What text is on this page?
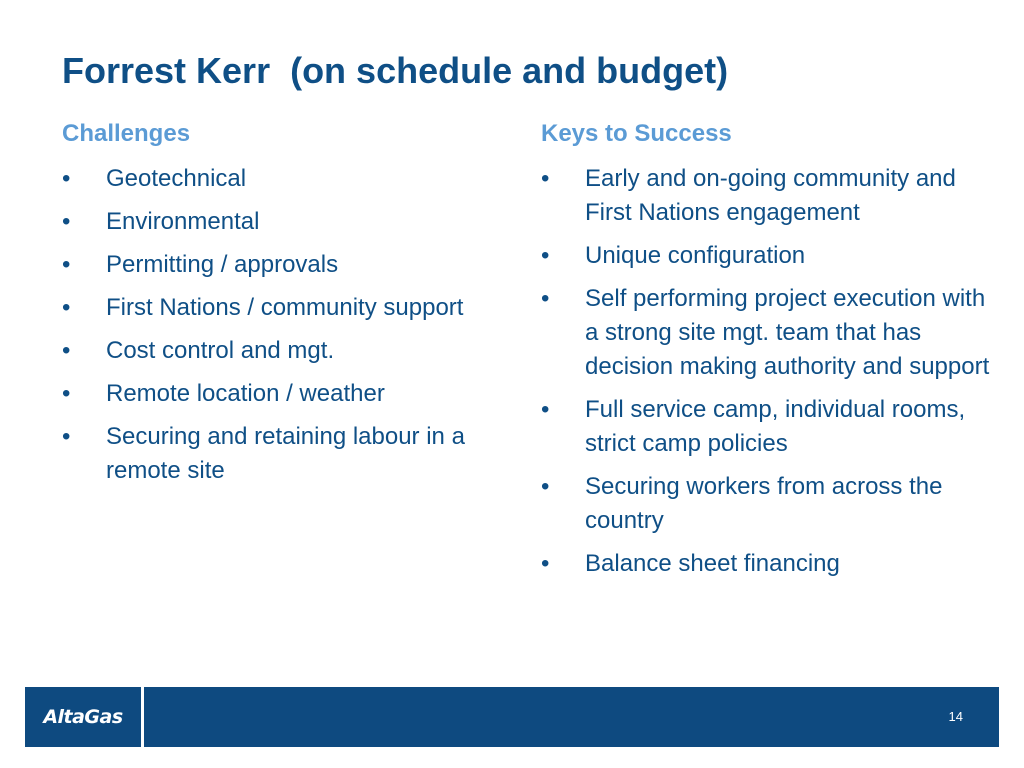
Forrest Kerr  (on schedule and budget)
Challenges
•	Geotechnical
•	Environmental
•	Permitting / approvals
•	First Nations / community support
•	Cost control and mgt.
•	Remote location / weather
•	Securing and retaining labour in a remote site
Keys to Success
•	Early and on-going community and First Nations engagement
•	Unique configuration
•	Self performing project execution with a strong site mgt. team that has decision making authority and support
•	Full service camp, individual rooms, strict camp policies
•	Securing workers from across the country
•	Balance sheet financing
AltaGas	14
